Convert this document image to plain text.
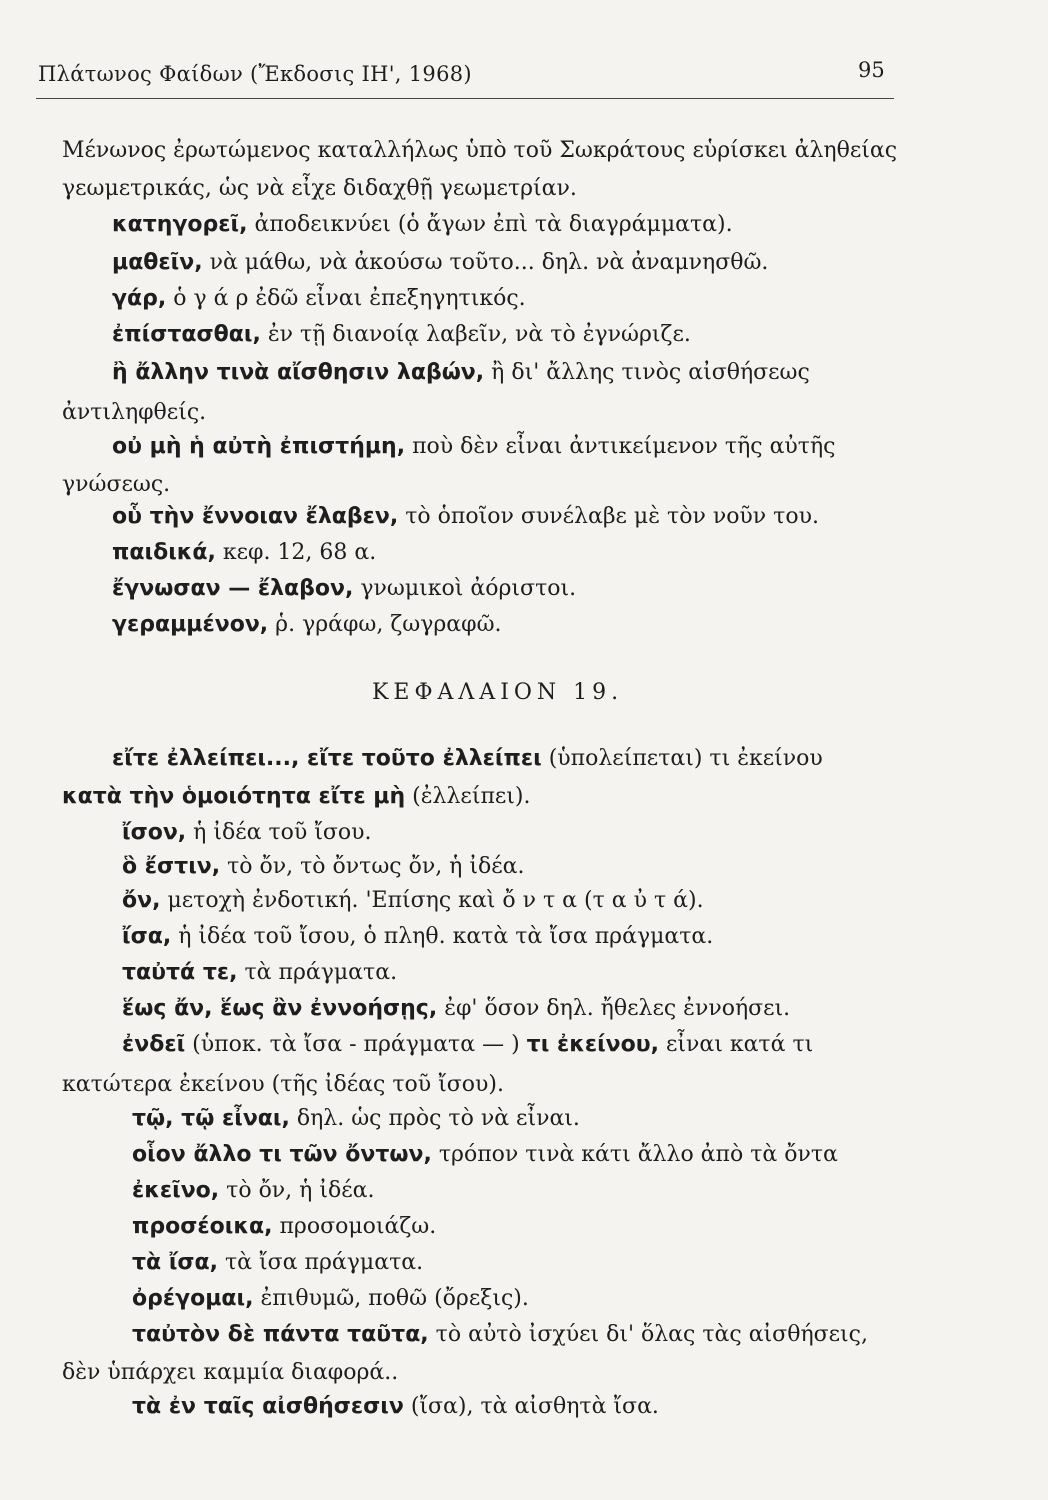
Πλάτωνος Φαίδων (Ἔκδοσις ΙΗ', 1968)	95
Μένωνος ἐρωτώμενος καταλλήλως ὑπὸ τοῦ Σωκράτους εὑρίσκει ἀληθείας
γεωμετρικάς, ὡς νὰ εἶχε διδαχθῇ γεωμετρίαν.
κατηγορεῖ, ἀποδεικνύει (ὁ ἄγων ἐπὶ τὰ διαγράμματα).
μαθεῖν, νὰ μάθω, νὰ ἀκούσω τοῦτο... δηλ. νὰ ἀναμνησθῶ.
γάρ, ὁ γ ά ρ ἐδῶ εἶναι ἐπεξηγητικός.
ἐπίστασθαι, ἐν τῇ διανοίᾳ λαβεῖν, νὰ τὸ ἐγνώριζε.
ἢ ἄλλην τινὰ αἴσθησιν λαβών, ἢ δι' ἄλλης τινὸς αἰσθήσεως
ἀντιληφθείς.
οὐ μὴ ἡ αὐτὴ ἐπιστήμη, ποὺ δὲν εἶναι ἀντικείμενον τῆς αὐτῆς
γνώσεως.
οὗ τὴν ἔννοιαν ἔλαβεν, τὸ ὁποῖον συνέλαβε μὲ τὸν νοῦν του.
παιδικά, κεφ. 12, 68 α.
ἔγνωσαν — ἔλαβον, γνωμικοὶ ἀόριστοι.
γεραμμένον, ῥ. γράφω, ζωγραφῶ.
ΚΕΦΑΛΑΙΟΝ 19.
εἴτε ἐλλείπει..., εἴτε τοῦτο ἐλλείπει (ὑπολείπεται) τι ἐκείνου
κατὰ τὴν ὁμοιότητα εἴτε μὴ (ἐλλείπει).
ἴσον, ἡ ἰδέα τοῦ ἴσου.
ὃ ἔστιν, τὸ ὄν, τὸ ὄντως ὄν, ἡ ἰδέα.
ὄν, μετοχὴ ἐνδοτική. 'Επίσης καὶ ὄ ν τ α (τ α ὐ τ ά).
ἴσα, ἡ ἰδέα τοῦ ἴσου, ὁ πληθ. κατὰ τὰ ἴσα πράγματα.
ταὐτά τε, τὰ πράγματα.
ἕως ἄν, ἕως ἂν ἐννοήσῃς, ἐφ' ὅσον δηλ. ἤθελες ἐννοήσει.
ἐνδεῖ (ὑποκ. τὰ ἴσα - πράγματα — ) τι ἐκείνου, εἶναι κατά τι
κατώτερα ἐκείνου (τῆς ἰδέας τοῦ ἴσου).
τῷ, τῷ εἶναι, δηλ. ὡς πρὸς τὸ νὰ εἶναι.
οἷον ἄλλο τι τῶν ὄντων, τρόπον τινὰ κάτι ἄλλο ἀπὸ τὰ ὄντα
ἐκεῖνο, τὸ ὄν, ἡ ἰδέα.
προσέοικα, προσομοιάζω.
τὰ ἴσα, τὰ ἴσα πράγματα.
ὀρέγομαι, ἐπιθυμῶ, ποθῶ (ὄρεξις).
ταὐτὸν δὲ πάντα ταῦτα, τὸ αὐτὸ ἰσχύει δι' ὅλας τὰς αἰσθήσεις,
δὲν ὑπάρχει καμμία διαφορά..
τὰ ἐν ταῖς αἰσθήσεσιν (ἴσα), τὰ αἰσθητὰ ἴσα.
